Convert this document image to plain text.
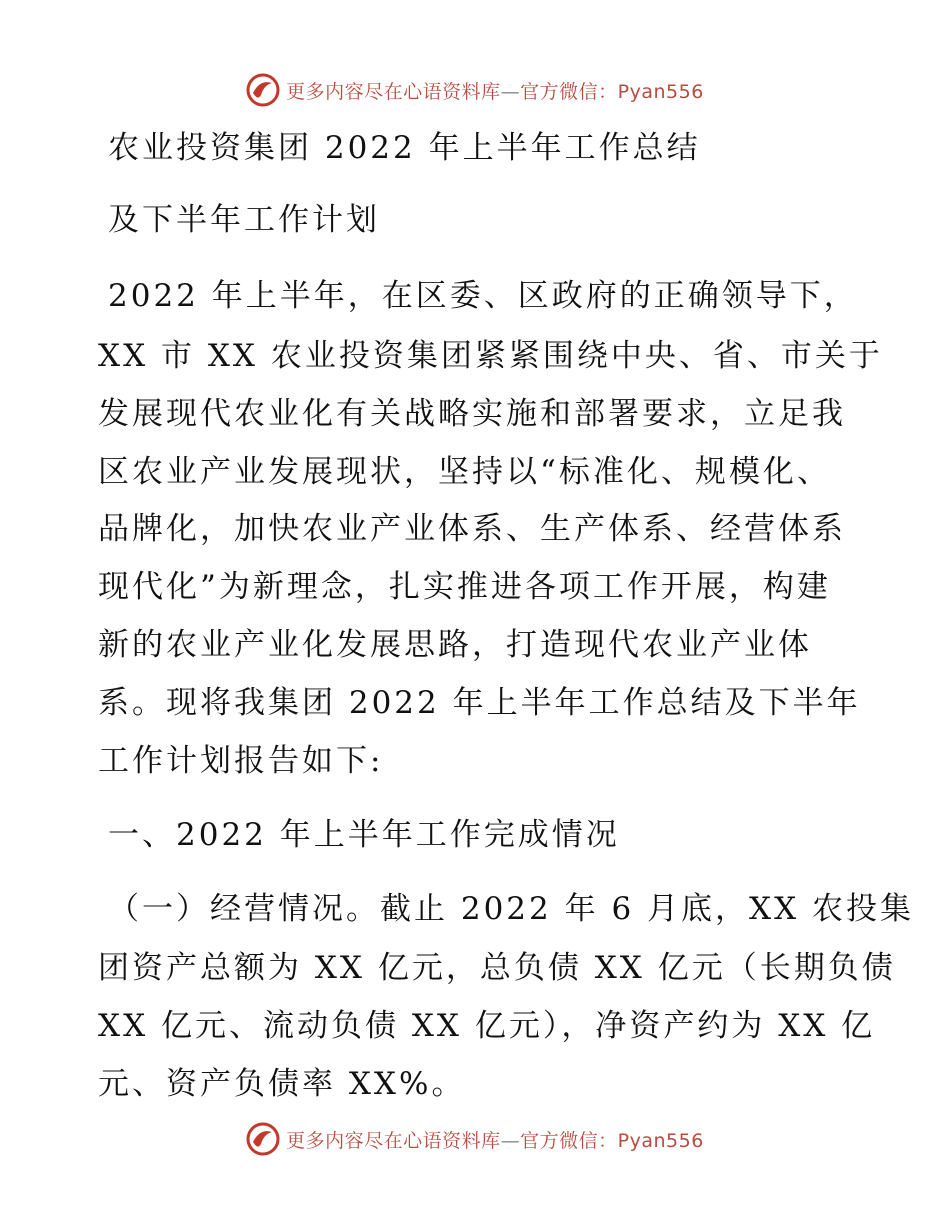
更多内容尽在心语资料库—官方微信：Pyan556
农业投资集团 2022 年上半年工作总结
及下半年工作计划
2022 年上半年，在区委、区政府的正确领导下，
XX 市 XX 农业投资集团紧紧围绕中央、省、市关于
发展现代农业化有关战略实施和部署要求，立足我
区农业产业发展现状，坚持以“标准化、规模化、
品牌化，加快农业产业体系、生产体系、经营体系
现代化”为新理念，扎实推进各项工作开展，构建
新的农业产业化发展思路，打造现代农业产业体
系。现将我集团 2022 年上半年工作总结及下半年
工作计划报告如下:
一、2022 年上半年工作完成情况
（一）经营情况。截止 2022 年 6 月底，XX 农投集
团资产总额为 XX 亿元，总负债 XX 亿元（长期负债
XX 亿元、流动负债 XX 亿元），净资产约为 XX 亿
元、资产负债率 XX%。
更多内容尽在心语资料库—官方微信：Pyan556
